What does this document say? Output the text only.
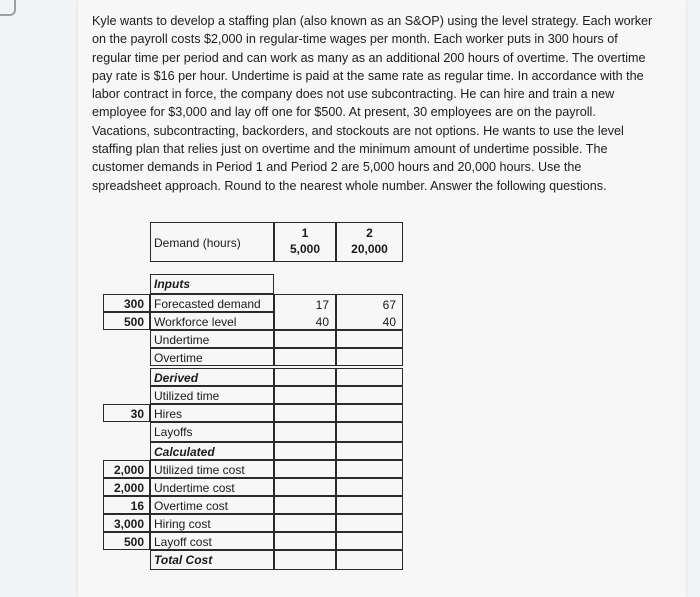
Kyle wants to develop a staffing plan (also known as an S&OP) using the level strategy. Each worker
on the payroll costs $2,000 in regular-time wages per month. Each worker puts in 300 hours of
regular time per period and can work as many as an additional 200 hours of overtime. The overtime
pay rate is $16 per hour. Undertime is paid at the same rate as regular time. In accordance with the
labor contract in force, the company does not use subcontracting. He can hire and train a new
employee for $3,000 and lay off one for $500. At present, 30 employees are on the payroll.
Vacations, subcontracting, backorders, and stockouts are not options. He wants to use the level
staffing plan that relies just on overtime and the minimum amount of undertime possible. The
customer demands in Period 1 and Period 2 are 5,000 hours and 20,000 hours. Use the
spreadsheet approach. Round to the nearest whole number. Answer the following questions.

Demand (hours)
1
5,000
2
20,000
Inputs
300 Forecasted demand
500 Workforce level
17
40
67
40
Undertime
Overtime
Derived
Utilized time
30 Hires
Layoffs
Calculated
2,000 Utilized time cost
2,000 Undertime cost
16 Overtime cost
3,000 Hiring cost
500 Layoff cost
Total Cost
